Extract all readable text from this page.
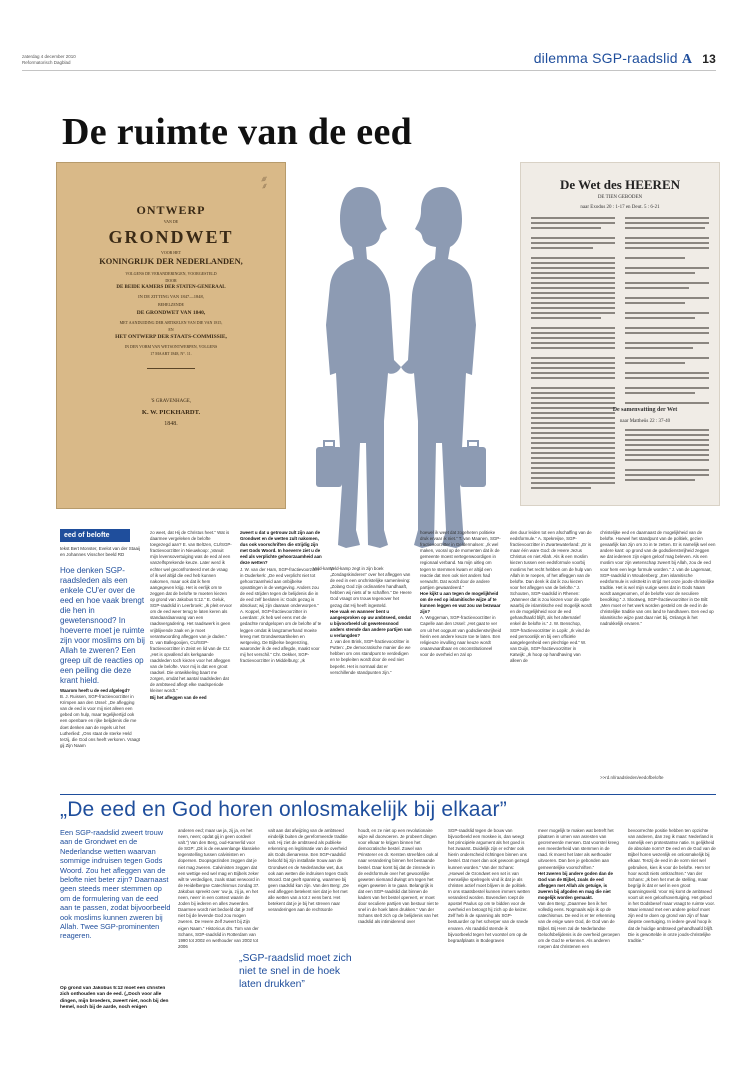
zaterdag 4 december 2010
Reformatorisch Dagblad	dilemma SGP-raadslid A 13
De ruimte van de eed
⁄⁄⁄⁄
⁄⁄⁄
ONTWERP
VAN DE
GRONDWET
VOOR HET
KONINGRIJK DER NEDERLANDEN,
VOLGENS DE VERANDERINGEN, VOORGESTELD
DOOR
DE BEIDE KAMERS DER STATEN-GENERAAL
IN DE ZITTING VAN 1847—1848,
BEHELZENDE
DE GRONDWET VAN 1840,
MET AANDUIDING DER ARTIKELEN VAN DIE VAN 1815,
EN
HET ONTWERP DER STAATS-COMMISSIE,
IN DEN VORM VAN WETSONTWERPEN, VOLGENS
17 MAART 1848, N°. 11.
'S GRAVENHAGE,
K. W. PICKHARDT.
1848.
De Wet des HEEREN
DE TIEN GEBODEN
naar Exodus 20 : 1-17 en Deut. 5 : 6-21
De samenvatting der Wet
naar Mattheüs 22 : 37-40
eed of belofte
tekst Bert Monster, Evelot van der Staaij en Johannes Visscher beeld RD
Hoe denken SGP-raadsleden als een enkele CU'er over de eed en hoe vaak brengt die hen in gewetensnood? In hoeverre moet je ruimte zijn voor moslims om bij Allah te zweren? Een greep uit de reacties op een peiling die deze krant hield.
Waarom heeft u de eed afgelegd?
B. J. Ruissen, SGP-fractievoorzitter in Krimpen aan den IJssel: „De aflegging van de eed is voor mij niet alleen een gebed om hulp, maar tegelijkertijd ook een openbare en rijke belijdenis die me doet denken aan de regels uit het Lutherlied: „Ons staat de sterke Held terzij, die God ons heeft verkoren. Vraagt gij Zijn Naam
zo weet, dat Hij de Christus heet.” Wat is daarmee vergeleken de belofte toegezegd aan? E. van Beltzen, CU/SGP-fractievoorzitter in Nieuwkoop: „Vanuit mijn levensovertuiging was de eed al een vanzelfsprekende keuze. Later werd ik echter wel geconfronteerd met de vraag of ik wel altijd die eed heb kunnen nakomen, maar ook dat ik hem aangegeven krijg. Het is eerlijk om te zeggen dat de belofte te moeten kiezen op grond van Jakobus 5:12.” E. Geluk, SGP-raadslid in Leerbroek: „Ik pleit ervoor om de eed weer terug te laten keren als standaardaanvang van een raadsvergadering. Het raadswerk is geen vrijblijvende zaak en je moet verantwoording afleggen van je daden.” D. van Ballegooijen, CU/SGP-fractievoorzitter in Zeist en lid van de CU: „Het is opvallend als kerkgaande raadsleden toch kiezen voor het afleggen van de belofte. Voor mij is dat een groot raadsel. Die ontwikkeling baart me zorgen, omdat het aantal raadsleden dat de ambtseed aflegt elke raadsperiode kleiner wordt.”
Bij het afleggen van de eed
zweert u dat u getrouw zult zijn aan de Grondwet en de wetten zult nakomen, dus ook voorschriften die strijdig zijn met Gods Woord. In hoeverre ziet u de eed als verplichte gehoorzaamheid aan deze wetten?
J. W. van der Ham, SGP-fractievoorzitter in Ouderkerk: „De eed verplicht niet tot gehoorzaamheid aan onbijbelse opvattingen in de wetgeving. Anders zou de eed strijden tegen de belijdenis die in de eed zelf besloten is: Gods gezag is absoluut; wij zijn daaraan onderworpen.” A. Koppel, SGP-fractievoorzitter in Leerdam: „Ik heb wel eens met de gedachte rondgelopen om de belofte af te leggen omdat ik langzamerhand moeite kreeg met Grondwetsartikelen en wetgeving. De Bijbelse begrenzing, waaronder ik de eed aflegde, maakt voor mij het verschil.” Chr. Dekker, SGP-fractievoorzitter in Middelburg: „Ik
Veld-kamp zegt in zijn boek „Zondagskinderen” over het afleggen van de eed in een onchristelijke samenleving: „Zolang God zijn ordinantiën handhaaft, hebben wij niets af te schaffen.” De Heere God vraagt om trouw tegenover het gezag dat Hij heeft ingesteld.
Hoe vaak en wanneer bent u aangesproken op uw ambtseed, omdat u bijvoorbeeld uit gewetensnood anders stemde dan andere partijen van u verlangden?
J. van den Brink, SGP-fractievoorzitter in Putten: „De democratische manier die we hebben om ons standpunt te verdedigen en te bepleiten wordt door de eed niet beperkt. Het is normaal dat er verschillende standpunten zijn.”
hoewel ik weet dat zogeheten politieke druk ervaar ik niet.” T. van Maanen, SGP-fractievoorzitter in Geldermalsen: „Ik wel maken, vooral op de momenten dat ik de gemeente moest vertegenwoordigen in regionaal verband. Na mijn uitleg om tegen te stemmen kwam er altijd een reactie dat men ook niet anders had verwacht. Dat wordt door de andere partijen gewaardeerd.”
Hoe kijkt u aan tegen de mogelijkheid om de eed op islamitische wijze af te kunnen leggen en wat zou uw bezwaar zijn?
A. Weggeman, SGP-fractievoorzitter in Capelle aan den IJssel: „Het gaat te ver om uit het oogpunt van godsdienstvrijheid hierin een andere keuze toe te laten. Een religieuze invulling naar keuze wordt onaanvaardbaar en onconstitutioneel voor de overheid en zal op
den duur leiden tot een afschaffing van de eedsformule.” A. Spekreijse, SGP-fractievoorzitter in Zwartewaterland: „Er is maar één ware God: de Heere Jezus Christus en niet Allah. Als ik een moslim kiezen tussen een eedsformule voorbij moslims het recht hebben om de hulp van Allah in te roepen, of het afleggen van de belofte. Dan denk ik dat ik zou kiezen voor het afleggen van de belofte.” J. Schouten, SGP-raadslid in Rhenen: „Wanneer dat is zou kiezen voor de optie waarbij de islamitische eed mogelijk wordt en de mogelijkheid voor de eed gehandhaafd blijft, als het alternatief enkel de belofte is.” J. W. Benschop, SGP-fractievoorzitter in Lopik: „Ik vind de eed persoonlijk en bij een officiële aangelegenheid een plechtige eed.” W. van Duijn, SGP-fractievoorzitter in Katwijk: „Ik hoop op handhaving van alleen de
christelijke eed en daarnaast de mogelijkheid van de belofte. Hoewel het standpunt van de politiek, gezien gevaarlijk kan zijn om zo in te zetten. Er is namelijk wel een andere kant: op grond van de godsdienstvrijheid zeggen we dat iedereen zijn eigen geloof mag beleven. Als een moslim voor zijn wetenschap zweert bij Allah, zou de eed voor hem een lege formule worden.” J. van de Lagemaat, SGP-raadslid in Woudenberg: „Een islamitische eedsformule is volstrekt in strijd met onze joods-christelijke traditie. Het is wel mijn vurige wens dat in Gods Naam wordt aangenomen, of de belofte voor de seculiere bevolking.” J. Slootweg, SGP-fractievoorzitter in De Bilt: „Men moet er het werk worden gesteld om de eed in de christelijke traditie van ons land te handhaven. Een eed op islamitische wijze past daar niet bij. Onlangs ik het nadrukkelijk ervaren.”
>>rd.nl/raadsleden/eedofbelofte
„De eed en God horen onlosmakelijk bij elkaar”
Een SGP-raadslid zweert trouw aan de Grondwet en de Nederlandse wetten waarvan sommige indruisen tegen Gods Woord. Zou het afleggen van de belofte niet beter zijn? Daarnaast geen steeds meer stemmen op om de formulering van de eed aan te passen, zodat bijvoorbeeld ook moslims kunnen zweren bij Allah. Twee SGP-prominenten reageren.
Op grond van Jakobus 5:12 moet een christen zich onthouden van de eed. („Doch voor alle dingen, mijn broeders, zweert niet, noch bij den hemel, noch bij de aarde, noch enigen
anderen eed; maar uw ja, zij ja, en het neen, neen; opdat gij in geen oordeel valt.”) Van den Berg, oud-Kamerlid voor de SGP: „Dit is de eeuwenlange klassieke tegenstelling tussen calvinisten en dopersen. Doopsgezinden zeggen dat je niet mag zweren. Calvinisten zeggen dat een wettige eed wel mag en Bijbels zeker wilt te verdedigen, zoals staat verwoord in de Heidelbergse Catechismus zondag 37. Jakobus spreekt over ‘uw ja, zij ja, en het neen, neen’ in een context waarin de Joden bij iederen en alles zweerden. Daarmee wordt niet bedoeld dat je zelf niet bij de levende God zou mogen zweren. De Heere Zelf zweert bij Zijn eigen Naam.” Historicus drs. Tom van der Schans, SGP-raadslid in Rotterdam van 1990 tot 2002 en wethouder van 2002 tot 2006
valt aan dat afwijzing van de ambtseed eindelijk buiten de gereformeerde traditie valt. Hij ziet de ambtseed als publieke erkenning en legitimatie van de overheid als Gods dienaresse. Een SGP-raadslid beloofd bij zijn installatie trouw aan de Grondwet en de Nederlandse wet, dus ook aan wetten die indruisen tegen Gods Woord. Dat geeft spanning, waarmee bij geen raadslid kan zijn. Van den Berg: „De eed afleggen betekent niet dat je het met alle wetten van a tot z eens bent. Het betekent dat je je bij het streven naar veranderingen aan de rechtsorde
„SGP-raadslid moet zich niet te snel in de hoek laten drukken”
houdt, en ze niet op een revolutionaire wijze wil doorvoeren. Je probeert dingen voor elkaar te krijgen binnen het democratische bestel. Zowel van Prinsterer en dr. Kersten streefden ook al naar verandering binnen het bestaande bestel. Daar komt bij dat de zinsnede in de eedsformule over het gewoonlijke geweten niemand dwingt om tegen het eigen geweten in te gaan. Belangrijk is dat een SGP-raadslid dat binnen de kaders van het bestel opereert, er moet door seculiere partijen van bestuur niet te snel in de hoek laten drukken.” Van der Schans stelt zich op de belijdenis van het raadslid als intimiderend over
SGP-raadslid tegen de bouw van bijvoorbeeld een moskee is, dan weegt het principiële argument als het goed is het zwaarst. Duidelijk zijn er echter ook hierin onderscheid richtingen binnen ons bestel. Dat moet dan ook gewoon gezegd kunnen worden.” Van der Schans: „Hoewel de Grondwet een set is van menselijke spelregels vind ik dat je als christen actief moet blijven in de politiek. In ons staatsbestel kunnen immers wetten veranderd worden. Bovendien roept de apostel Paulus op om te bidden voor de overheid en betoogt hij zich op de keizer. Zelf heb ik de spanning als SGP-bestuurder op het scherper van de snede ervaren. Als raadslid stemde ik bijvoorbeeld tegen het voorstel om op de begraafplaats in Bodegraven
meer mogelijk te maken wat betreft het plaatsen in urnen van asresten van gecremeerde mensen. Dat voorstel kreeg een meerderheid van stemmen in de raad. Ik moest het later als wethouder uitvoeren. Dan ben je gebonden aan gemeentelijke voorschriften.”
Het zweren bij andere goden dan de God van de Bijbel, zoals de eed afleggen met Allah als getuige, is zweren bij afgoden en mag die niet mogelijk worden gemaakt.
Van den Berg: „Daarmee ben ik het volledig eens. Nogmaals wijs ik op de catechismus. De eed is er ter erkenning van de enige ware God, de God van de Bijbel. Bij Hem zal de Nederlandse Geloofsbelijdenis is de overheid geroepen om de God te erkennen. Als anderen roepen dat christenen een
bevoorrechte positie hebben ten opzichte van anderen, dan zeg ik maar: Nederland is namelijk een protestantse natie. Is gelijkheid de absolute norm? De eed en de God van de Bijbel horen wezenlijk en onlosmakelijk bij elkaar. Tenzij de eed in de vorm niet wel gebruiken, kies ik voor de belofte. Hem ter hoor wordt niets ontkrachten.” Van der Schans: „Ik ben het met de stelling, maar begrijp ik dat er wel in een groot spanningsveld. Voor mij komt de ambtseed voort uit een geloofsovertuiging. Het gebod in het Godsbesef maar vraagt te ruimte voor. Maar iemand met een andere geloof moet zijn eed te doen op grond van zijn of haar diepste overtuiging. In iedere geval hoop ik dat de huidige ambtseed gehandhaafd blijft. Die is gewortelde in onze joods-christelijke traditie.”
Veld-kamp
